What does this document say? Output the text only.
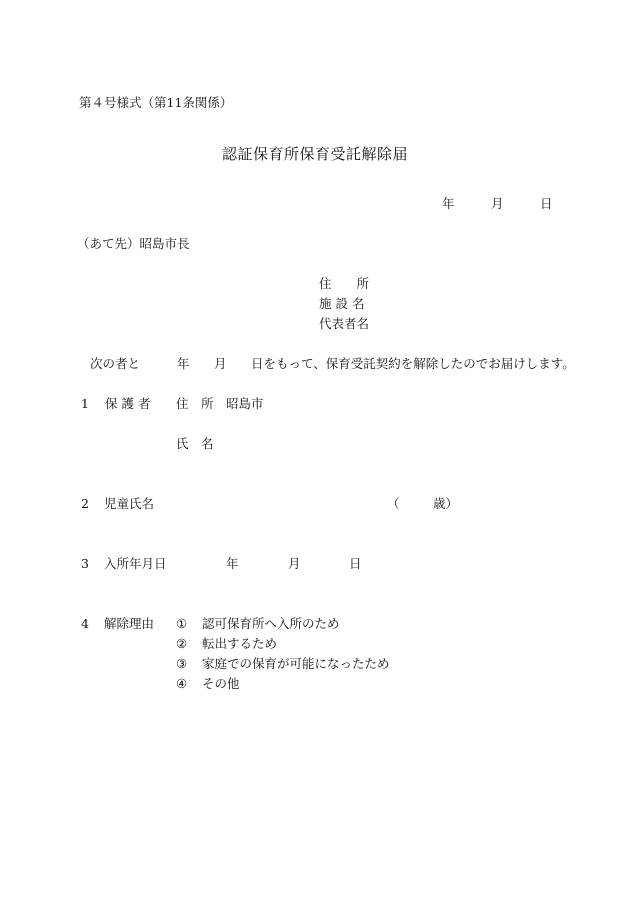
第４号様式（第11条関係）
認証保育所保育受託解除届
年	月	日
（あて先）昭島市長
住　　所
施 設 名
代表者名
次の者と	年 月 日をもって、保育受託契約を解除したのでお届けします。
1 保 護 者 住　所 昭島市
氏　名
2 児童氏名	（	歳）
3 入所年月日	年	月	日
4 解除理由 ① 認可保育所へ入所のため
② 転出するため
③ 家庭での保育が可能になったため
④ その他
